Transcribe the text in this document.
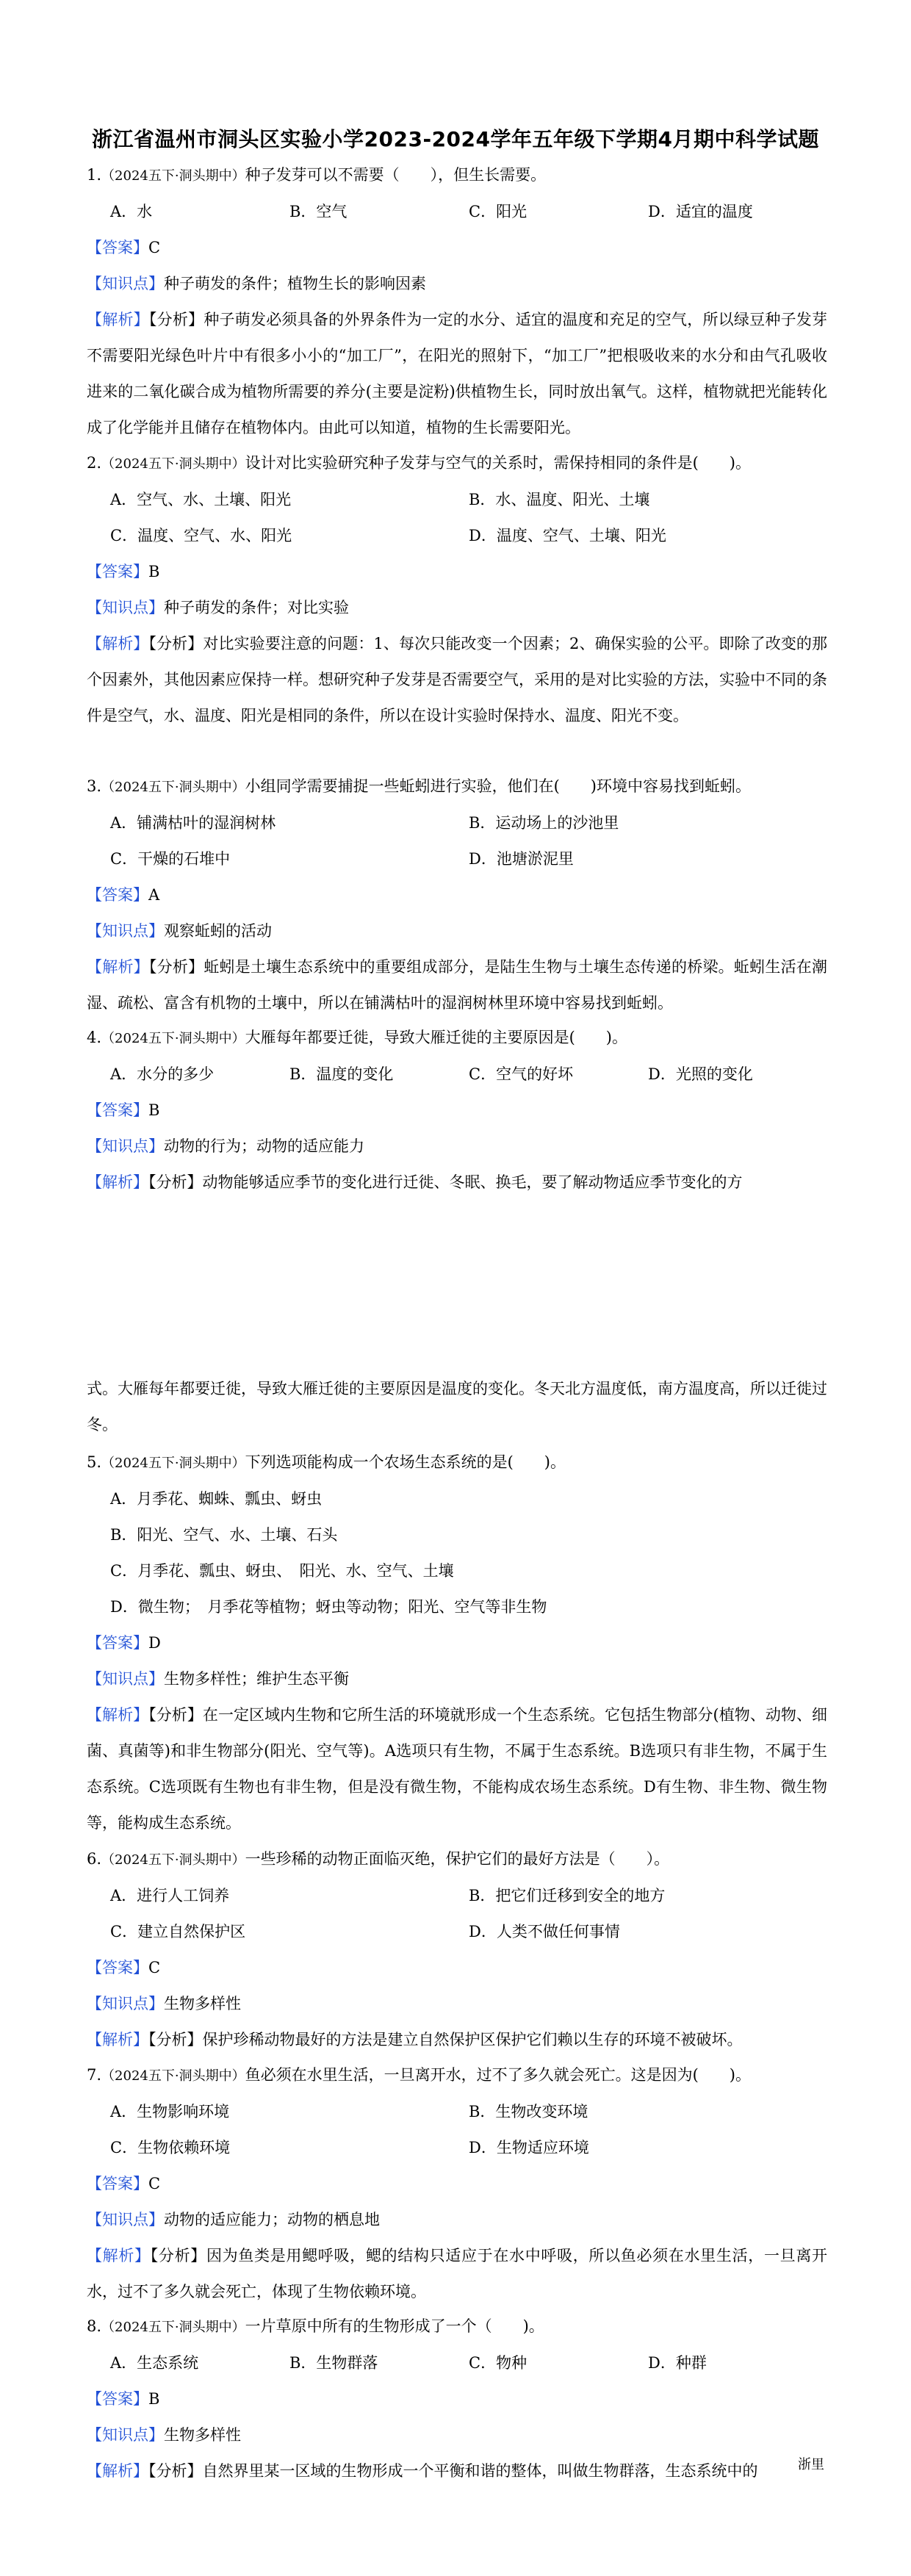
浙江省温州市洞头区实验小学2023-2024学年五年级下学期4月期中科学试题
1.（2024五下·洞头期中）种子发芽可以不需要（　　），但生长需要。
A．水	B．空气	C．阳光	D．适宜的温度
【答案】C
【知识点】种子萌发的条件；植物生长的影响因素
【解析】【分析】种子萌发必须具备的外界条件为一定的水分、适宜的温度和充足的空气，所以绿豆种子发芽不需要阳光绿色叶片中有很多小小的“加工厂”，在阳光的照射下，“加工厂”把根吸收来的水分和由气孔吸收进来的二氧化碳合成为植物所需要的养分(主要是淀粉)供植物生长，同时放出氧气。这样，植物就把光能转化成了化学能并且储存在植物体内。由此可以知道，植物的生长需要阳光。
2.（2024五下·洞头期中）设计对比实验研究种子发芽与空气的关系时，需保持相同的条件是(　　)。
A．空气、水、土壤、阳光	B．水、温度、阳光、土壤
C．温度、空气、水、阳光	D．温度、空气、土壤、阳光
【答案】B
【知识点】种子萌发的条件；对比实验
【解析】【分析】对比实验要注意的问题：1、每次只能改变一个因素；2、确保实验的公平。即除了改变的那个因素外，其他因素应保持一样。想研究种子发芽是否需要空气，采用的是对比实验的方法，实验中不同的条件是空气，水、温度、阳光是相同的条件，所以在设计实验时保持水、温度、阳光不变。
3.（2024五下·洞头期中）小组同学需要捕捉一些蚯蚓进行实验，他们在(　　)环境中容易找到蚯蚓。
A．铺满枯叶的湿润树林	B．运动场上的沙池里
C．干燥的石堆中	D．池塘淤泥里
【答案】A
【知识点】观察蚯蚓的活动
【解析】【分析】蚯蚓是土壤生态系统中的重要组成部分，是陆生生物与土壤生态传递的桥梁。蚯蚓生活在潮湿、疏松、富含有机物的土壤中，所以在铺满枯叶的湿润树林里环境中容易找到蚯蚓。
4.（2024五下·洞头期中）大雁每年都要迁徙，导致大雁迁徙的主要原因是(　　)。
A．水分的多少	B．温度的变化	C．空气的好坏	D．光照的变化
【答案】B
【知识点】动物的行为；动物的适应能力
【解析】【分析】动物能够适应季节的变化进行迁徙、冬眠、换毛，要了解动物适应季节变化的方
式。大雁每年都要迁徙，导致大雁迁徙的主要原因是温度的变化。冬天北方温度低，南方温度高，所以迁徙过冬。
5.（2024五下·洞头期中）下列选项能构成一个农场生态系统的是(　　)。
A．月季花、蜘蛛、瓢虫、蚜虫
B．阳光、空气、水、土壤、石头
C．月季花、瓢虫、蚜虫、　阳光、水、空气、土壤
D．微生物；　月季花等植物；蚜虫等动物；阳光、空气等非生物
【答案】D
【知识点】生物多样性；维护生态平衡
【解析】【分析】在一定区域内生物和它所生活的环境就形成一个生态系统。它包括生物部分(植物、动物、细菌、真菌等)和非生物部分(阳光、空气等)。A选项只有生物，不属于生态系统。B选项只有非生物，不属于生态系统。C选项既有生物也有非生物，但是没有微生物，不能构成农场生态系统。D有生物、非生物、微生物等，能构成生态系统。
6.（2024五下·洞头期中）一些珍稀的动物正面临灭绝，保护它们的最好方法是（　　）。
A．进行人工饲养	B．把它们迁移到安全的地方
C．建立自然保护区	D．人类不做任何事情
【答案】C
【知识点】生物多样性
【解析】【分析】保护珍稀动物最好的方法是建立自然保护区保护它们赖以生存的环境不被破坏。
7.（2024五下·洞头期中）鱼必须在水里生活，一旦离开水，过不了多久就会死亡。这是因为(　　)。
A．生物影响环境	B．生物改变环境
C．生物依赖环境	D．生物适应环境
【答案】C
【知识点】动物的适应能力；动物的栖息地
【解析】【分析】因为鱼类是用鳃呼吸，鳃的结构只适应于在水中呼吸，所以鱼必须在水里生活，一旦离开水，过不了多久就会死亡，体现了生物依赖环境。
8.（2024五下·洞头期中）一片草原中所有的生物形成了一个（　　)。
A．生态系统	B．生物群落	C．物种	D．种群
【答案】B
【知识点】生物多样性
【解析】【分析】自然界里某一区域的生物形成一个平衡和谐的整体，叫做生物群落，生态系统中的	浙里
